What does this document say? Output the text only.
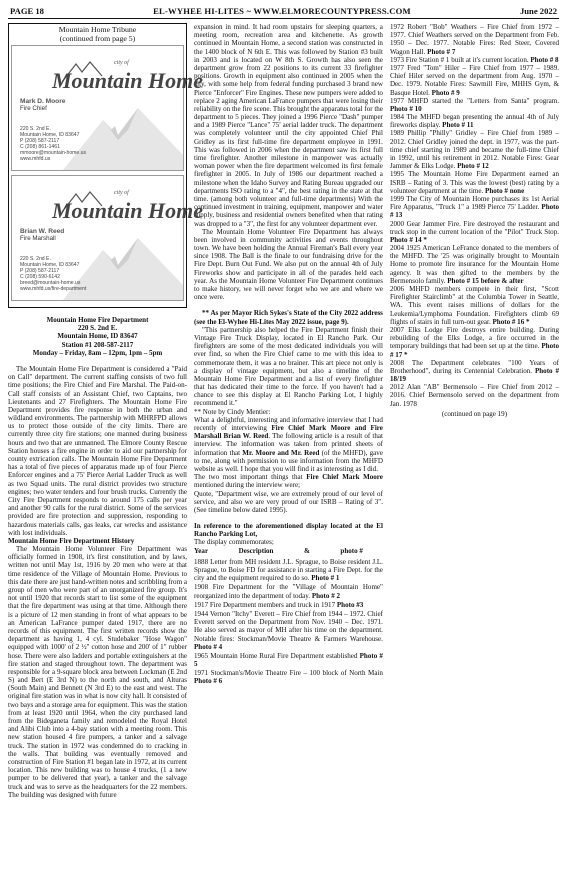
PAGE 18	EL-WYHEE HI-LITES ~ WWW.ELMORECOUNTYPRESS.COM	June 2022
Mountain Home Tribune
(continued from page 5)
city of
Mountain Home
Mark D. Moore
Fire Chief
220 S. 2nd E.
Mountain Home, ID 83647
P (208) 587-2117
C (208) 861-1461
mmoore@mountain-home.us
www.mhfd.us
city of
Mountain Home
Brian W. Reed
Fire Marshall
220 S. 2nd E.
Mountain Home, ID 83647
P (208) 587-2117
C (208) 590-6142
breed@mountain-home.us
www.mhfd.us/fire-department
Mountain Home Fire Department
220 S. 2nd E.
Mountain Home, ID 83647
Station #1 208-587-2117
Monday – Friday, 8am – 12pm, 1pm – 5pm

The Mountain Home Fire Department is considered a "Paid on Call" department. The current staffing consists of two full time positions; the Fire Chief and Fire Marshal. The Paid-on-Call staff consists of an Assistant Chief, two Captains, two Lieutenants and 27 Firefighters. The Mountain Home Fire Department provides fire response in both the urban and wildland environments. The partnership with MHRFPD allows us to protect those outside of the city limits. There are currently three city fire stations; one manned during business hours and two that are unmanned. The Elmore County Rescue Station houses a fire engine in order to aid our partnership for county extrication calls. The Mountain Home Fire Department has a total of five pieces of apparatus made up of four Pierce Enforcer engines and a 75' Pierce Aerial Ladder Truck as well as two Squad units. The rural district provides two structure engines; two water tenders and four brush trucks. Currently the City Fire Department responds to around 175 calls per year and another 90 calls for the rural district. Some of the services provided are fire protection and suppression, responding to hazardous materials calls, gas leaks, car wrecks and assistance with lost individuals.

Mountain Home Fire Department History

The Mountain Home Volunteer Fire Department was officially formed in 1908, it's first constitution, and by laws, written not until May 1st, 1916 by 20 men who were at that time residence of the Village of Mountain Home. Previous to this date there are just hand-written notes and scribbling from a group of men who were part of an unorganized fire group. It's not until 1920 that records start to list some of the equipment that the fire department was using at that time. Although there is a picture of 12 men standing in front of what appears to be an American LaFrance pumper dated 1917, there are no records of this equipment. The first written records show the department as having 1, 4 cyl. Studebaker "Hose Wagon" equipped with 1000' of 2 ½" cotton hose and 200' of 1" rubber hose. There were also ladders and portable extinguishers at the fire station and staged throughout town. The department was responsible for a 9-square block area between Lockman (E 2nd S) and Bert (E 3rd N) to the north and south, and Alturas (South Main) and Bennett (N 3rd E) to the east and west. The original fire station was in what is now city hall. It consisted of two bays and a storage area for equipment. This was the station from at least 1920 until 1964, when the city purchased land from the Bideganeta family and remodeled the Royal Hotel and Alibi Club into a 4-bay station with a meeting room. This new station housed 4 fire pumpers, a tanker and a salvage truck. The station in 1972 was condemned do to cracking in the walls. That building was eventually removed and construction of Fire Station #1 began late in 1972, at its current location. This new building was to house 4 trucks, (1 a new pumper to be delivered that year), a tanker and the salvage truck and was to serve as the headquarters for the 22 members. The building was designed with future

expansion in mind. It had room upstairs for sleeping quarters, a meeting room, recreation area and kitchenette. As growth continued in Mountain Home, a second station was constructed in the 1400 block of N 6th E. This was followed by Station #3 built in 2003 and is located on W 8th S. Growth has also seen the department grow from 22 positions to its current 33 firefighter positions. Growth in equipment also continued in 2005 when the city, with some help from federal funding purchased 3 brand new Pierce "Enforcer" Fire Engines. These new pumpers were added to replace 2 aging American LaFrance pumpers that were losing their reliability on the fire scene. This brought the apparatus total for the department to 5 pieces. They joined a 1996 Pierce "Dash" pumper and a 1989 Pierce "Lance" 75' aerial ladder truck. The department was completely volunteer until the city appointed Chief Phil Gridley as its first full-time fire department employee in 1991. This was followed in 2006 when the department saw its first full time firefighter. Another milestone in manpower was actually woman power when the fire department welcomed its first female firefighter in 2005. In July of 1986 our department reached a milestone when the Idaho Survey and Rating Bureau upgraded our departments ISO rating to a "4", the best rating in the state at that time. (among both volunteer and full-time departments) With the continued investment in training, equipment, manpower and water supply, business and residential owners benefited when that rating was dropped to a "3", the first for any volunteer department ever.

The Mountain Home Volunteer Fire Department has always been involved in community activities and events throughout town. We have been holding the Annual Fireman's Ball every year since 1908. The Ball is the finale to our fundraising drive for the Fire Dept. Burn Out Fund. We also put on the annual 4th of July Fireworks show and participate in all of the parades held each year. As the Mountain Home Volunteer Fire Department continues to make history, we will never forget who we are and where we once were.

** As per Mayor Rich Sykes's State of the City 2022 address (see the El-Wyhee Hi-Lites May 2022 issue, page 9).

"This partnership also helped the Fire Department finish their Vintage Fire Truck Display, located in El Rancho Park. Our firefighters are some of the most dedicated individuals you will ever find, so when the Fire Chief came to me with this idea to commemorate them, it was a no brainer. This art piece not only is a display of vintage equipment, but also a timeline of the Mountain Home Fire Department and a list of every firefighter that has dedicated their time to the force. If you haven't had a chance to see this display at El Rancho Parking Lot, I highly recommend it."

** Note by Cindy Mentier:

What a delightful, interesting and informative interview that I had recently of interviewing Fire Chief Mark Moore and Fire Marshall Brian W. Reed. The following article is a result of that interview. The information was taken from printed sheets of information that Mr. Moore and Mr. Reed (of the MHFD), gave to me, along with permission to use information from the MHFD website as well. I hope that you will find it as interesting as I did.

The two most important things that Fire Chief Mark Moore mentioned during the interview were;

Quote, "Department wise, we are extremely proud of our level of service, and also we are very proud of our ISRB – Rating of 3". (See timeline below dated 1995).

In reference to the aforementioned display located at the El Rancho Parking Lot,

The display commemorates;

Year	Description	&	photo #

1888 Letter from MH resident J.L. Sprague, to Boise resident J.L. Sprague, to Boise FD for assistance in starting a Fire Dept. for the city and the equipment required to do so. Photo # 1

1908 Fire Department for the "Village of Mountain Home" reorganized into the department of today. Photo # 2

1917 Fire Department members and truck in 1917 Photo #3

1944 Vernon "Itchy" Everett – Fire Chief from 1944 – 1972. Chief Everett served on the Department from Nov. 1940 – Dec. 1971. He also served as mayor of MH after his time on the department. Notable fires: Stockman/Movie Theatre & Farmers Warehouse. Photo # 4

1965 Mountain Home Rural Fire Department established Photo # 5

1971 Stockman's/Movie Theatre Fire – 100 block of North Main Photo # 6

1972 Robert "Bob" Weathers – Fire Chief from 1972 – 1977. Chief Weathers served on the Department from Feb. 1950 – Dec. 1977. Notable Fires: Red Steer, Covered Wagon Hall. Photo # 7

1973 Fire Station # 1 built at it's current location. Photo # 8

1977 Fred "Tom" Hiler – Fire Chief from 1977 – 1989. Chief Hiler served on the department from Aug. 1970 – Dec. 1979. Notable Fires: Sawmill Fire, MHHS Gym, & Basque Hotel. Photo # 9

1977 MHFD started the "Letters from Santa" program. Photo # 10

1984 The MHFD began presenting the annual 4th of July fireworks display. Photo # 11

1989 Phillip "Philly" Gridley – Fire Chief from 1989 – 2012. Chief Gridley joined the dept. in 1977, was the part-time chief starting in 1989 and became the full-time Chief in 1992, until his retirement in 2012. Notable Fires: Gear Jammer & Elks Lodge. Photo # 12

1995 The Mountain Home Fire Department earned an ISRB – Rating of 3. This was the lowest (best) rating by a volunteer department at the time. Photo # none

1999 The City of Mountain Home purchases its 1st Aerial Fire Apparatus, "Truck 1" a 1989 Pierce 75' Ladder. Photo # 13

2000 Gear Jammer Fire. Fire destroyed the restaurant and truck stop in the current location of the "Pilot" Truck Stop. Photo # 14 *

2004 1925 American LeFrance donated to the members of the MHFD. The '25 was originally brought to Mountain Home to promote fire insurance for the Mountain Home agency. It was then gifted to the members by the Bermensolo family. Photo # 15 before & after

2006 MHFD members compete in their first, "Scott Firefighter Stairclimb" at the Columbia Tower in Seattle, WA. This event raises millions of dollars for the Leukemia/Lymphoma Foundation. Firefighters climb 69 flights of stairs in full turn-out gear. Photo # 16 *

2007 Elks Lodge Fire destroys entire building. During rebuilding of the Elks Lodge, a fire occurred in the temporary buildings that had been set up at the time. Photo # 17 *

2008 The Department celebrates "100 Years of Brotherhood", during its Centennial Celebration. Photo # 18/19

2012 Alan "AB" Bermensolo – Fire Chief from 2012 – 2016. Chief Bermensolo served on the department from Jan. 1978

(continued on page 19)
